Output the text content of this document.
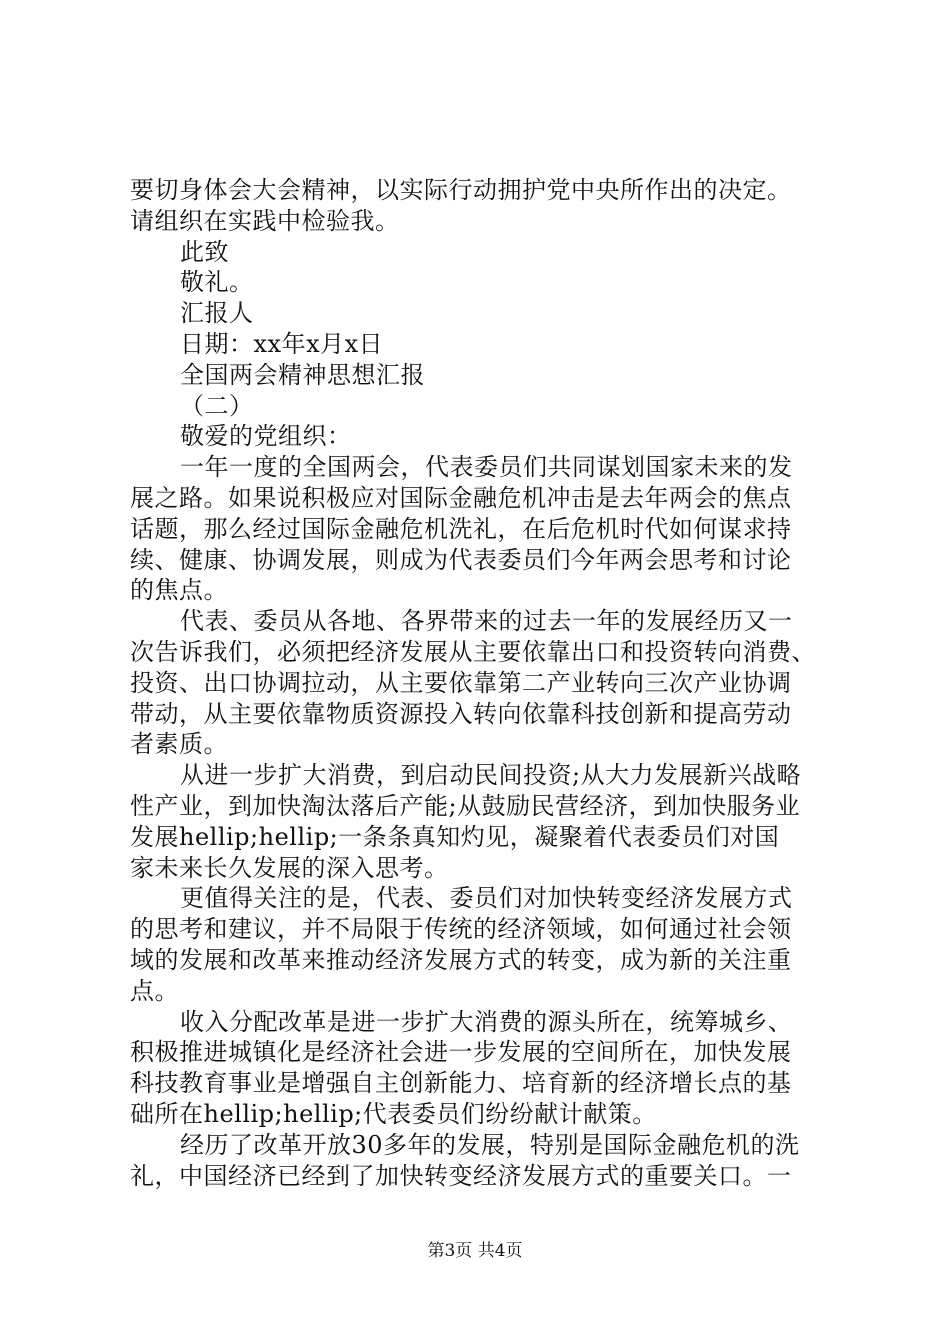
要切身体会大会精神，以实际行动拥护党中央所作出的决定。
请组织在实践中检验我。
此致
敬礼。
汇报人
日期：xx年x月x日
全国两会精神思想汇报
（二）
敬爱的党组织：
一年一度的全国两会，代表委员们共同谋划国家未来的发
展之路。如果说积极应对国际金融危机冲击是去年两会的焦点
话题，那么经过国际金融危机洗礼，在后危机时代如何谋求持
续、健康、协调发展，则成为代表委员们今年两会思考和讨论
的焦点。
代表、委员从各地、各界带来的过去一年的发展经历又一
次告诉我们，必须把经济发展从主要依靠出口和投资转向消费、
投资、出口协调拉动，从主要依靠第二产业转向三次产业协调
带动，从主要依靠物质资源投入转向依靠科技创新和提高劳动
者素质。
从进一步扩大消费，到启动民间投资;从大力发展新兴战略
性产业，到加快淘汰落后产能;从鼓励民营经济，到加快服务业
发展hellip;hellip;一条条真知灼见，凝聚着代表委员们对国
家未来长久发展的深入思考。
更值得关注的是，代表、委员们对加快转变经济发展方式
的思考和建议，并不局限于传统的经济领域，如何通过社会领
域的发展和改革来推动经济发展方式的转变，成为新的关注重
点。
收入分配改革是进一步扩大消费的源头所在，统筹城乡、
积极推进城镇化是经济社会进一步发展的空间所在，加快发展
科技教育事业是增强自主创新能力、培育新的经济增长点的基
础所在hellip;hellip;代表委员们纷纷献计献策。
经历了改革开放30多年的发展，特别是国际金融危机的洗
礼，中国经济已经到了加快转变经济发展方式的重要关口。一
第3页 共4页
